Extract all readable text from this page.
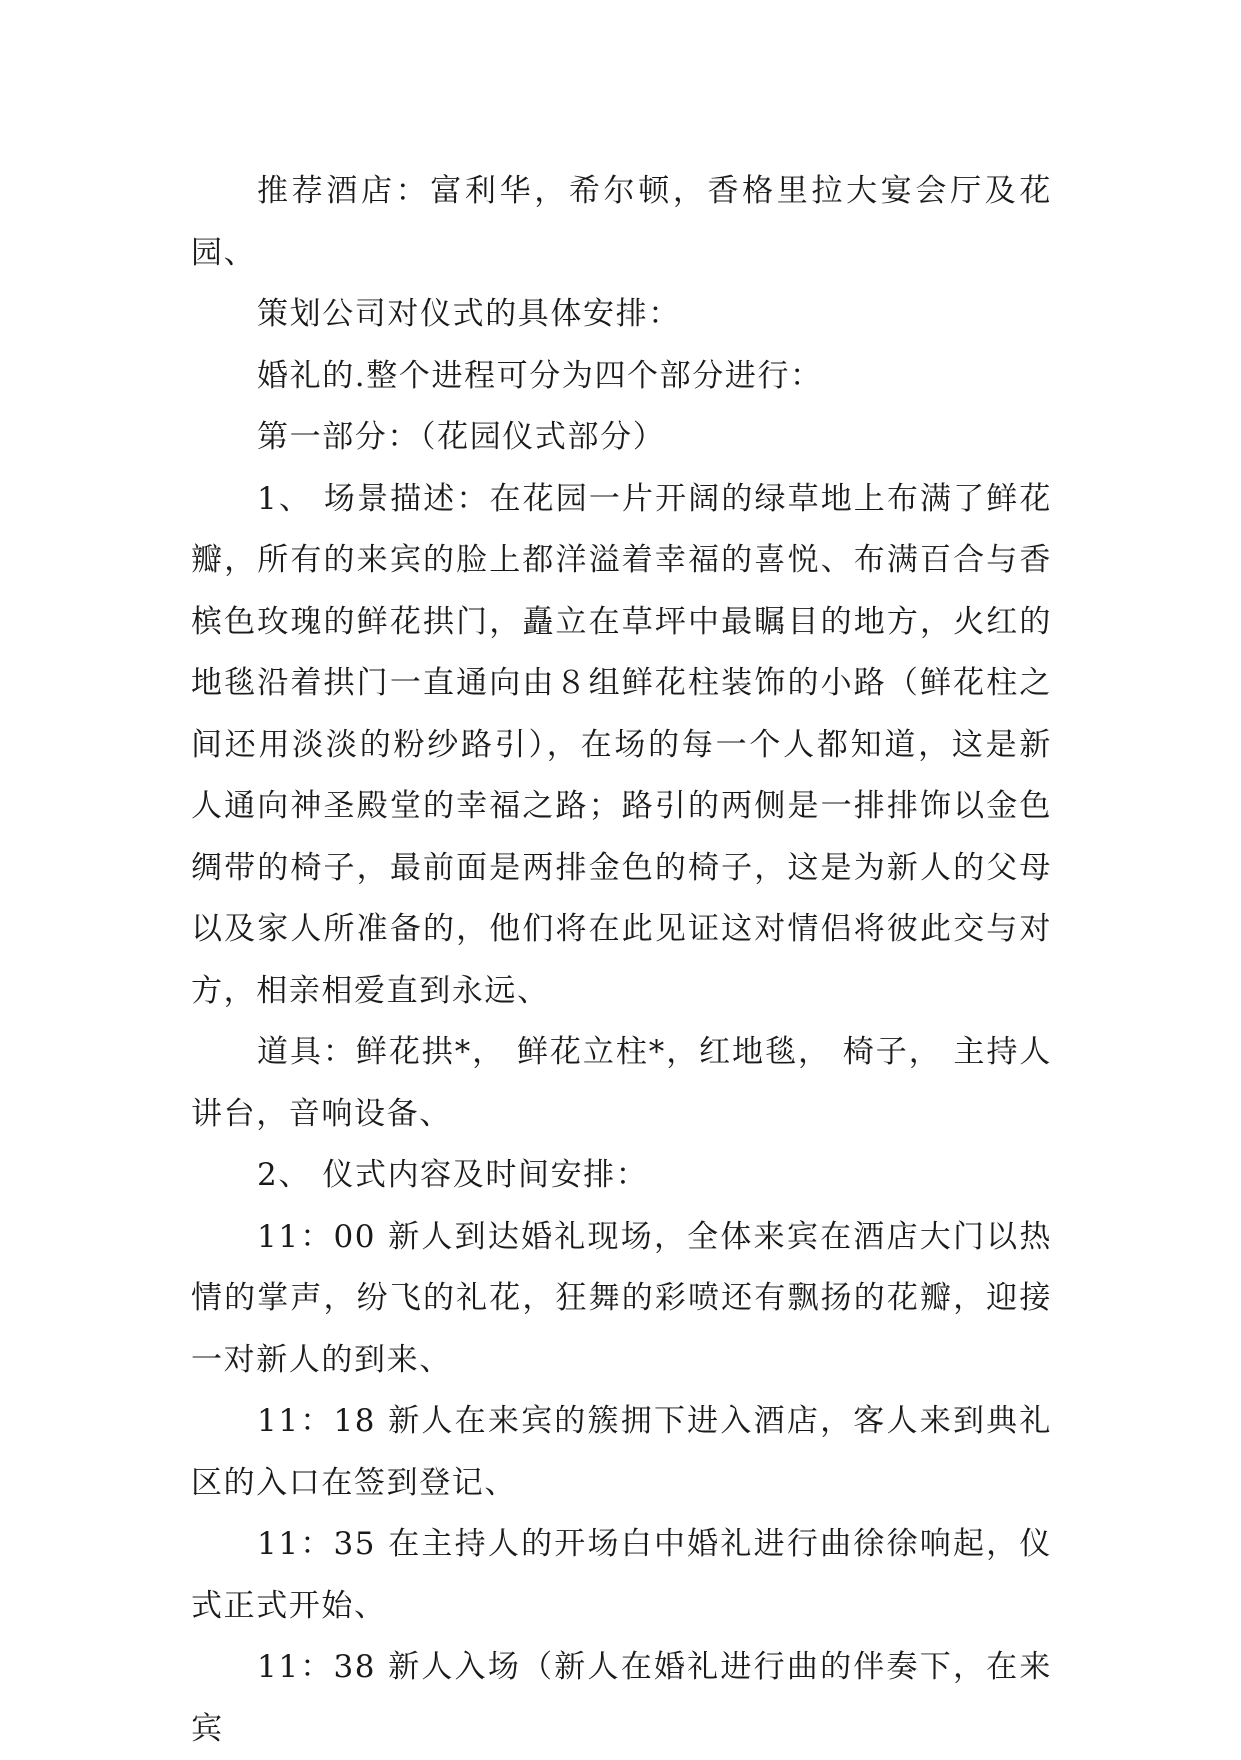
推荐酒店：富利华，希尔顿，香格里拉大宴会厅及花园、

策划公司对仪式的具体安排：

婚礼的.整个进程可分为四个部分进行：

第一部分：（花园仪式部分）

1、 场景描述：在花园一片开阔的绿草地上布满了鲜花瓣，所有的来宾的脸上都洋溢着幸福的喜悦、布满百合与香槟色玫瑰的鲜花拱门，矗立在草坪中最瞩目的地方，火红的地毯沿着拱门一直通向由８组鲜花柱装饰的小路（鲜花柱之间还用淡淡的粉纱路引），在场的每一个人都知道，这是新人通向神圣殿堂的幸福之路；路引的两侧是一排排饰以金色绸带的椅子，最前面是两排金色的椅子，这是为新人的父母以及家人所准备的，他们将在此见证这对情侣将彼此交与对方，相亲相爱直到永远、

道具：鲜花拱*， 鲜花立柱*，红地毯， 椅子， 主持人讲台，音响设备、

2、 仪式内容及时间安排：

11：00 新人到达婚礼现场，全体来宾在酒店大门以热情的掌声，纷飞的礼花，狂舞的彩喷还有飘扬的花瓣，迎接一对新人的到来、

11：18 新人在来宾的簇拥下进入酒店，客人来到典礼区的入口在签到登记、

11：35 在主持人的开场白中婚礼进行曲徐徐响起，仪式正式开始、

11：38 新人入场（新人在婚礼进行曲的伴奏下，在来宾
